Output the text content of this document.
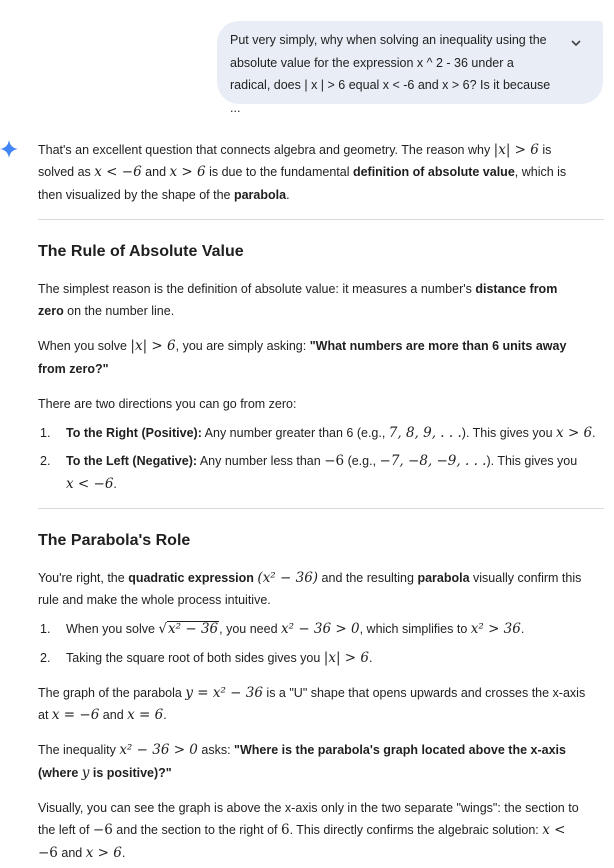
Put very simply, why when solving an inequality using the
absolute value for the expression x ^ 2 - 36 under a
radical, does | x | > 6 equal x < -6 and x > 6? Is it because ...
That's an excellent question that connects algebra and geometry. The reason why |x| > 6 is
solved as x < −6 and x > 6 is due to the fundamental definition of absolute value, which is
then visualized by the shape of the parabola.
The Rule of Absolute Value
The simplest reason is the definition of absolute value: it measures a number's distance from
zero on the number line.
When you solve |x| > 6, you are simply asking: "What numbers are more than 6 units away
from zero?"
There are two directions you can go from zero:
1. To the Right (Positive): Any number greater than 6 (e.g., 7, 8, 9, . . .). This gives you x > 6.
2. To the Left (Negative): Any number less than −6 (e.g., −7, −8, −9, . . .). This gives you
x < −6.
The Parabola's Role
You're right, the quadratic expression (x² − 36) and the resulting parabola visually confirm this
rule and make the whole process intuitive.
1. When you solve √x² − 36, you need x² − 36 > 0, which simplifies to x² > 36.
2. Taking the square root of both sides gives you |x| > 6.
The graph of the parabola y = x² − 36 is a "U" shape that opens upwards and crosses the x-axis
at x = −6 and x = 6.
The inequality x² − 36 > 0 asks: "Where is the parabola's graph located above the x-axis
(where y is positive)?"
Visually, you can see the graph is above the x-axis only in the two separate "wings": the section to
the left of −6 and the section to the right of 6. This directly confirms the algebraic solution: x <
−6 and x > 6.
